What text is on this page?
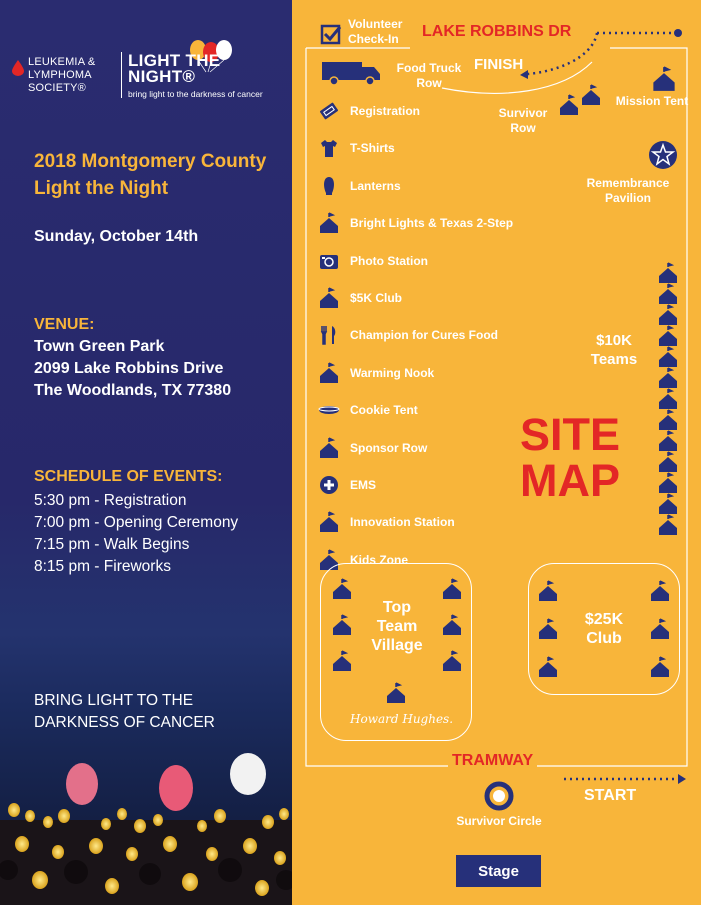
LEUKEMIA & LYMPHOMA SOCIETY®
LIGHT THE NIGHT®
bring light to the darkness of cancer
2018 Montgomery County Light the Night
Sunday, October 14th
VENUE:
Town Green Park
2099 Lake Robbins Drive
The Woodlands, TX 77380
SCHEDULE OF EVENTS:
5:30 pm - Registration
7:00 pm - Opening Ceremony
7:15 pm - Walk Begins
8:15 pm - Fireworks
BRING LIGHT TO THE DARKNESS OF CANCER
Volunteer Check-In	LAKE ROBBINS DR
Food Truck Row
FINISH
Survivor Row
Mission Tent
Remembrance Pavilion
Registration
T-Shirts
Lanterns
Bright Lights & Texas 2-Step
Photo Station
$5K Club
Champion for Cures Food
Warming Nook
Cookie Tent
Sponsor Row
EMS
Innovation Station
Kids Zone
$10K Teams
SITE MAP
Top Team Village
Howard Hughes.
$25K Club
TRAMWAY
START
Survivor Circle
Stage
